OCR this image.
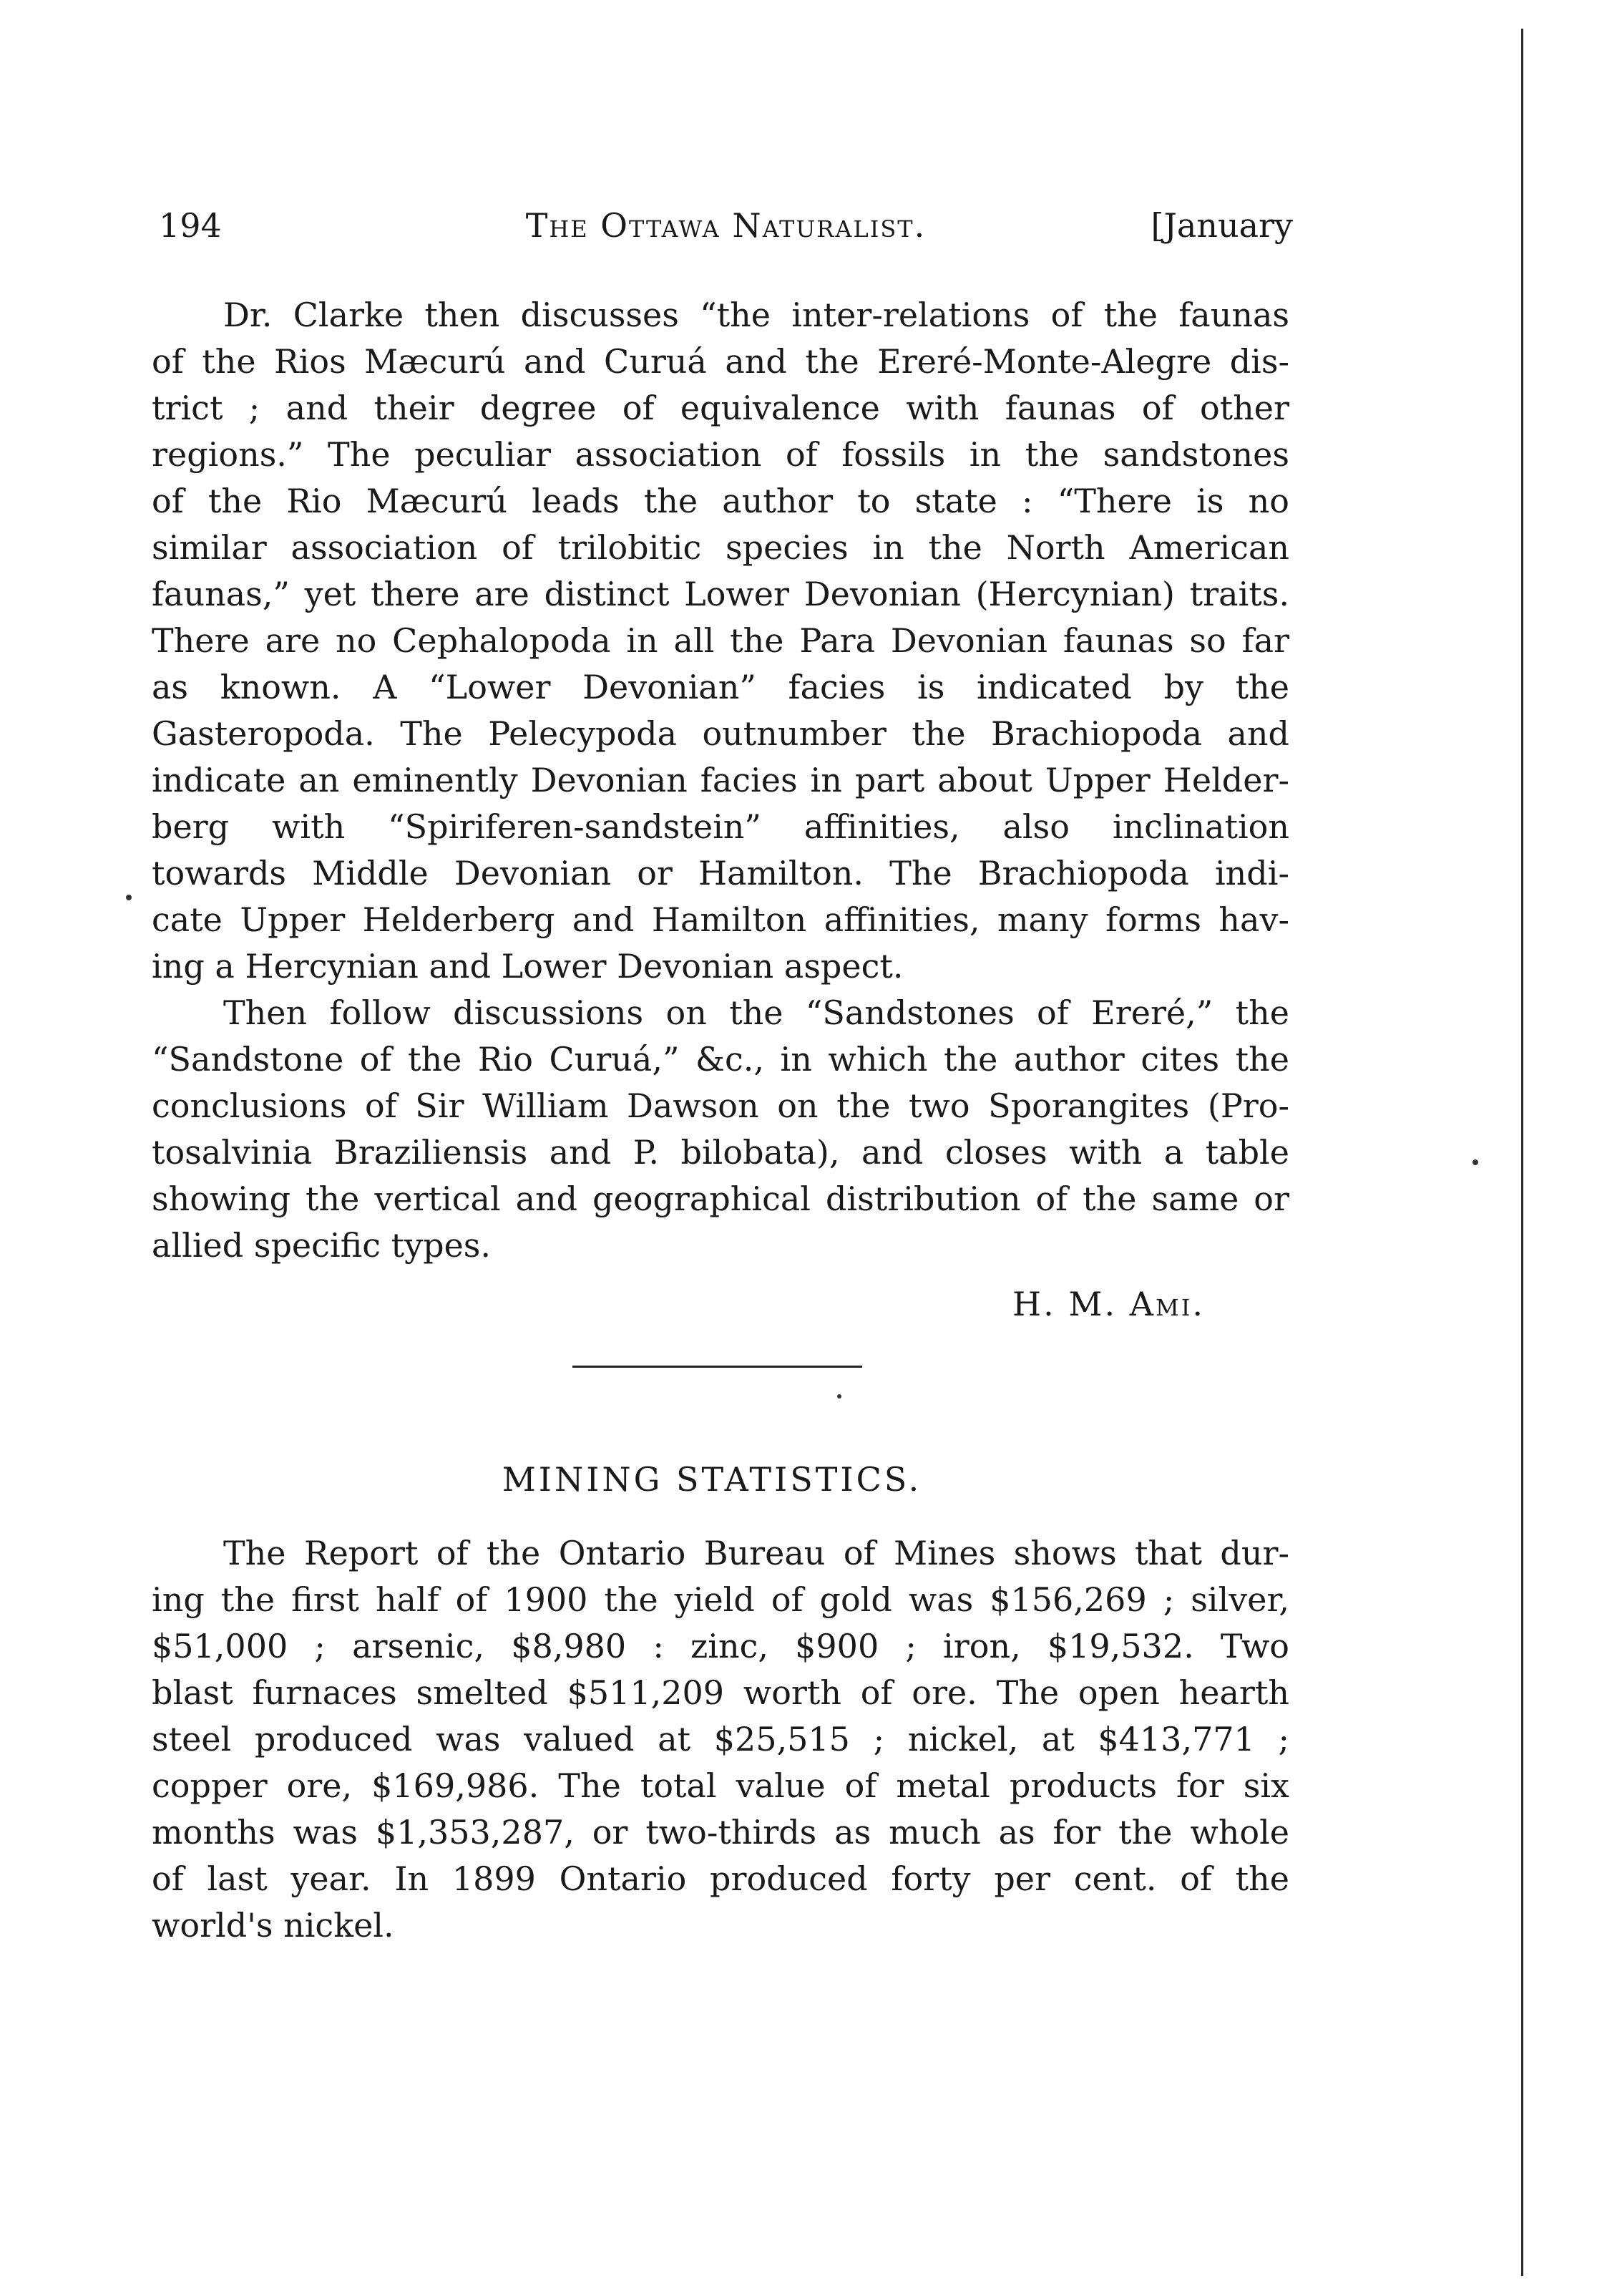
194	The Ottawa Naturalist.	[January
Dr. Clarke then discusses “the inter-relations of the faunas
of the Rios Mæcurú and Curuá and the Ereré-Monte-Alegre dis-
trict ; and their degree of equivalence with faunas of other
regions.” The peculiar association of fossils in the sandstones
of the Rio Mæcurú leads the author to state : “There is no
similar association of trilobitic species in the North American
faunas,” yet there are distinct Lower Devonian (Hercynian) traits.
There are no Cephalopoda in all the Para Devonian faunas so far
as known. A “Lower Devonian” facies is indicated by the
Gasteropoda. The Pelecypoda outnumber the Brachiopoda and
indicate an eminently Devonian facies in part about Upper Helder-
berg with “Spiriferen-sandstein” affinities, also inclination
towards Middle Devonian or Hamilton. The Brachiopoda indi-
cate Upper Helderberg and Hamilton affinities, many forms hav-
ing a Hercynian and Lower Devonian aspect.
Then follow discussions on the “Sandstones of Ereré,” the
“Sandstone of the Rio Curuá,” &c., in which the author cites the
conclusions of Sir William Dawson on the two Sporangites (Pro-
tosalvinia Braziliensis and P. bilobata), and closes with a table
showing the vertical and geographical distribution of the same or
allied specific types.
H. M. Ami.
MINING STATISTICS.
The Report of the Ontario Bureau of Mines shows that dur-
ing the first half of 1900 the yield of gold was $156,269 ; silver,
$51,000 ; arsenic, $8,980 : zinc, $900 ; iron, $19,532. Two
blast furnaces smelted $511,209 worth of ore. The open hearth
steel produced was valued at $25,515 ; nickel, at $413,771 ;
copper ore, $169,986. The total value of metal products for six
months was $1,353,287, or two-thirds as much as for the whole
of last year. In 1899 Ontario produced forty per cent. of the
world's nickel.
